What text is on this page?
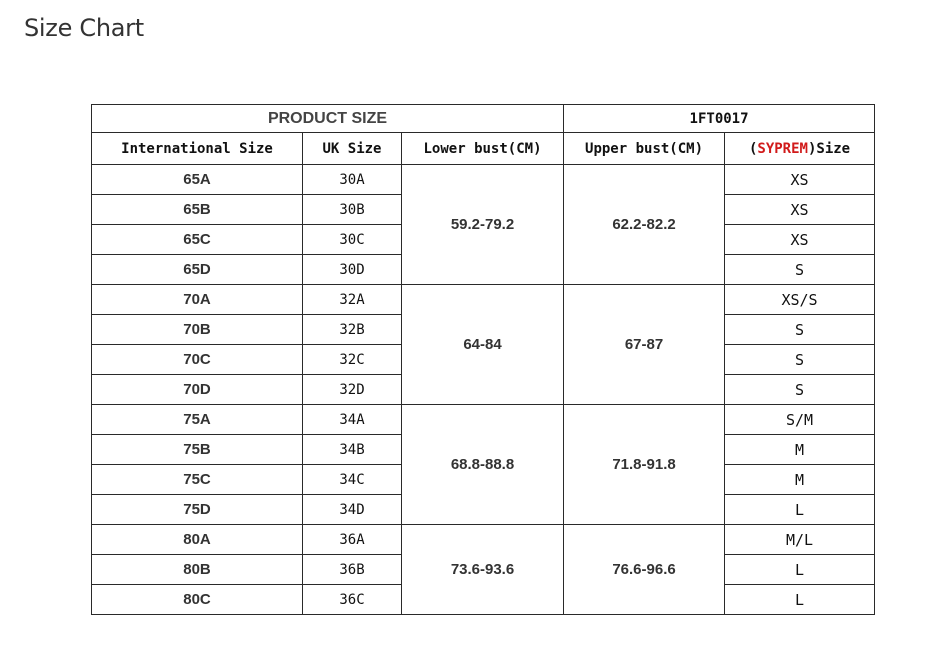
Size Chart
PRODUCT SIZE			1FT0017	
International Size	UK Size	Lower bust(CM)	Upper bust(CM)	(SYPREM)Size
65A	30A	59.2-79.2	62.2-82.2	XS
65B	30B			XS
65C	30C			XS
65D	30D			S
70A	32A	64-84	67-87	XS/S
70B	32B			S
70C	32C			S
70D	32D			S
75A	34A	68.8-88.8	71.8-91.8	S/M
75B	34B			M
75C	34C			M
75D	34D			L
80A	36A	73.6-93.6	76.6-96.6	M/L
80B	36B			L
80C	36C			L
